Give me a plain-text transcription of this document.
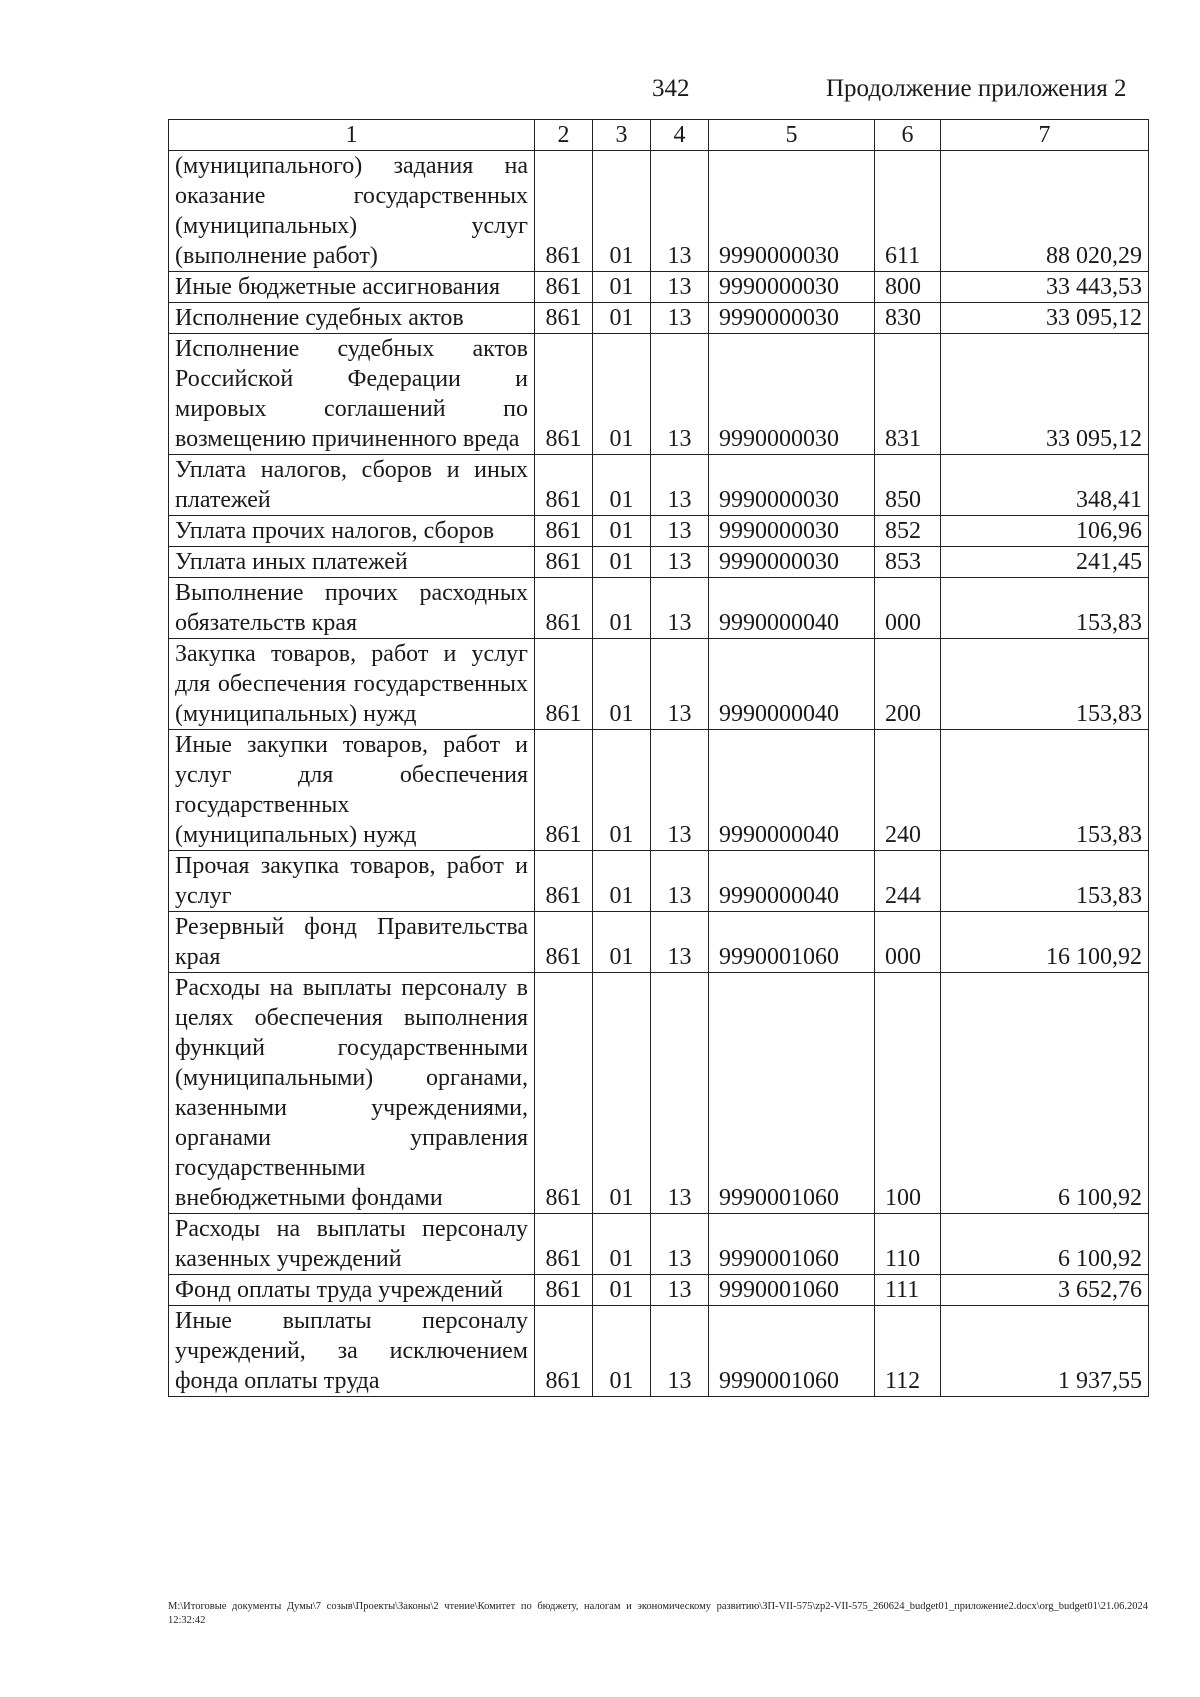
342	Продолжение приложения 2
1	2	3	4	5	6	7
(муниципального) задания на оказание государственных (муниципальных) услуг (выполнение работ)	861	01	13	9990000030	611	88 020,29
Иные бюджетные ассигнования	861	01	13	9990000030	800	33 443,53
Исполнение судебных актов	861	01	13	9990000030	830	33 095,12
Исполнение судебных актов Российской Федерации и мировых соглашений по возмещению причиненного вреда	861	01	13	9990000030	831	33 095,12
Уплата налогов, сборов и иных платежей	861	01	13	9990000030	850	348,41
Уплата прочих налогов, сборов	861	01	13	9990000030	852	106,96
Уплата иных платежей	861	01	13	9990000030	853	241,45
Выполнение прочих расходных обязательств края	861	01	13	9990000040	000	153,83
Закупка товаров, работ и услуг для обеспечения государственных (муниципальных) нужд	861	01	13	9990000040	200	153,83
Иные закупки товаров, работ и услуг для обеспечения государственных (муниципальных) нужд	861	01	13	9990000040	240	153,83
Прочая закупка товаров, работ и услуг	861	01	13	9990000040	244	153,83
Резервный фонд Правительства края	861	01	13	9990001060	000	16 100,92
Расходы на выплаты персоналу в целях обеспечения выполнения функций государственными (муниципальными) органами, казенными учреждениями, органами управления государственными внебюджетными фондами	861	01	13	9990001060	100	6 100,92
Расходы на выплаты персоналу казенных учреждений	861	01	13	9990001060	110	6 100,92
Фонд оплаты труда учреждений	861	01	13	9990001060	111	3 652,76
Иные выплаты персоналу учреждений, за исключением фонда оплаты труда	861	01	13	9990001060	112	1 937,55
M:\Итоговые документы Думы\7 созыв\Проекты\Законы\2 чтение\Комитет по бюджету, налогам и экономическому развитию\ЗП-VII-575\zp2-VII-575_260624_budget01_приложение2.docx\org_budget01\21.06.2024 12:32:42
